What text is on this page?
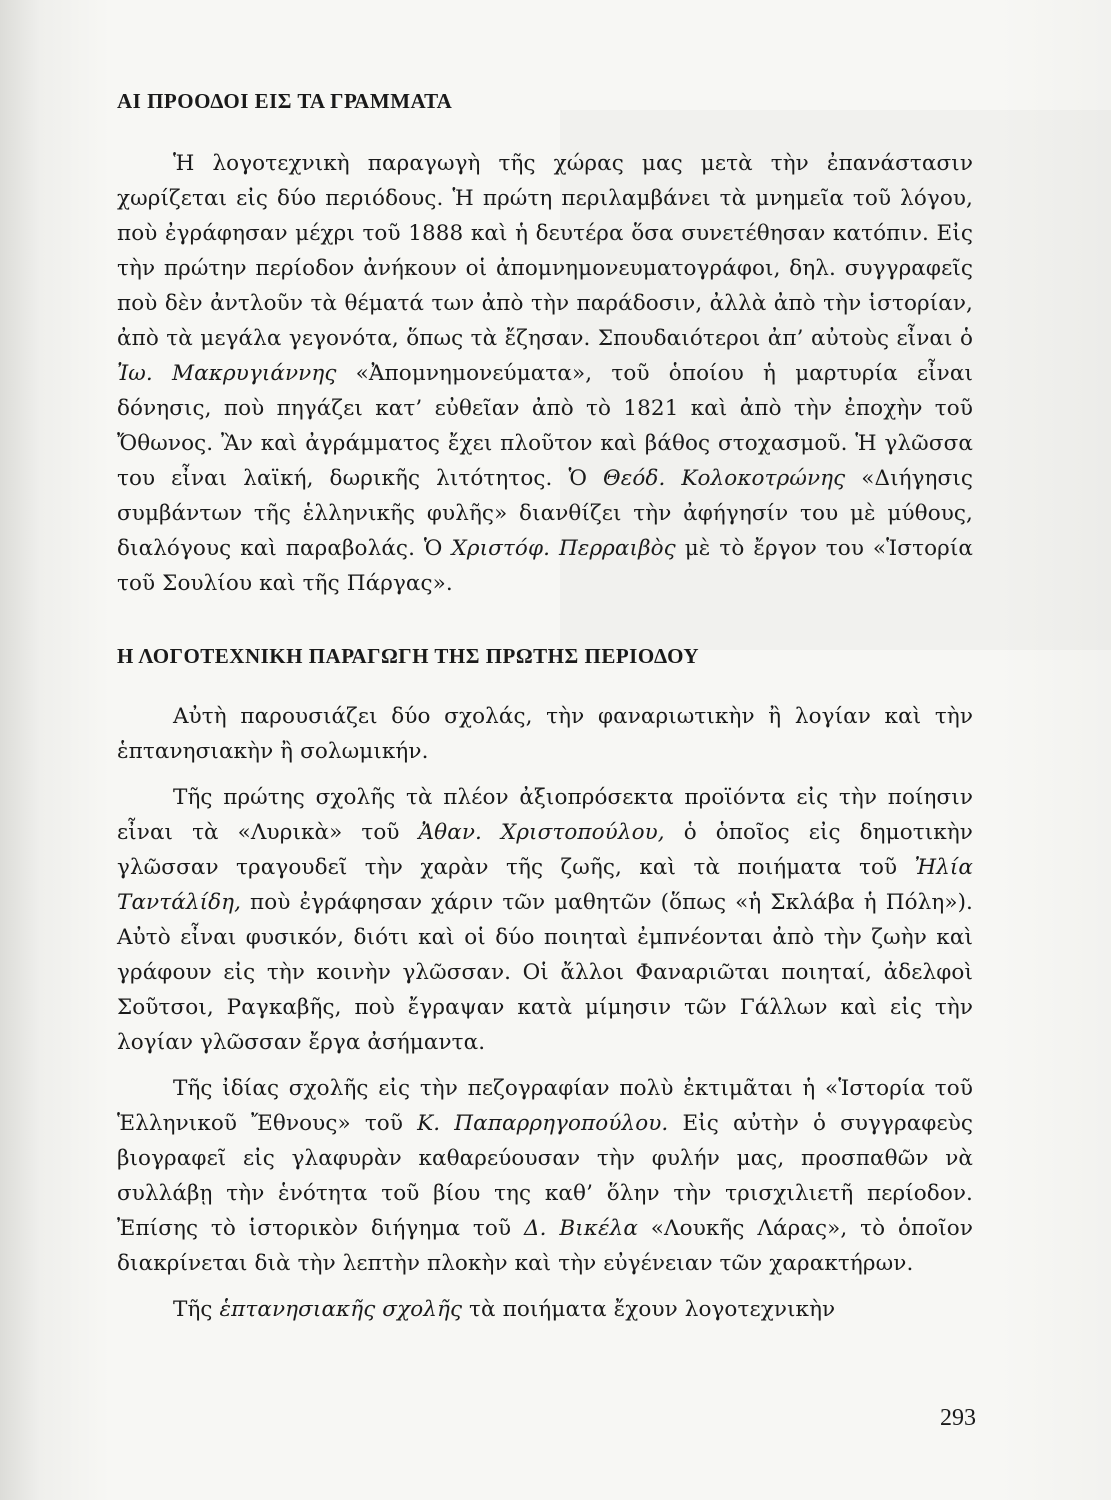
ΑΙ ΠΡΟΟΔΟΙ ΕΙΣ ΤΑ ΓΡΑΜΜΑΤΑ

Ἡ λογοτεχνικὴ παραγωγὴ τῆς χώρας μας μετὰ τὴν ἐπανάστασιν χωρίζεται εἰς δύο περιόδους. Ἡ πρώτη περιλαμβάνει τὰ μνημεῖα τοῦ λόγου, ποὺ ἐγράφησαν μέχρι τοῦ 1888 καὶ ἡ δευτέρα ὅσα συνετέθησαν κατόπιν. Εἰς τὴν πρώτην περίοδον ἀνήκουν οἱ ἀπομνημονευματογράφοι, δηλ. συγγραφεῖς ποὺ δὲν ἀντλοῦν τὰ θέματά των ἀπὸ τὴν παράδοσιν, ἀλλὰ ἀπὸ τὴν ἱστορίαν, ἀπὸ τὰ μεγάλα γεγονότα, ὅπως τὰ ἔζησαν. Σπουδαιότεροι ἀπ’ αὐτοὺς εἶναι ὁ Ἰω. Μακρυγιάννης «Ἀπομνημονεύματα», τοῦ ὁποίου ἡ μαρτυρία εἶναι δόνησις, ποὺ πηγάζει κατ’ εὐθεῖαν ἀπὸ τὸ 1821 καὶ ἀπὸ τὴν ἐποχὴν τοῦ Ὄθωνος. Ἂν καὶ ἀγράμματος ἔχει πλοῦτον καὶ βάθος στοχασμοῦ. Ἡ γλῶσσα του εἶναι λαϊκή, δωρικῆς λιτότητος. Ὁ Θεόδ. Κολοκοτρώνης «Διήγησις συμβάντων τῆς ἑλληνικῆς φυλῆς» διανθίζει τὴν ἀφήγησίν του μὲ μύθους, διαλόγους καὶ παραβολάς. Ὁ Χριστόφ. Περραιβὸς μὲ τὸ ἔργον του «Ἱστορία τοῦ Σουλίου καὶ τῆς Πάργας».

Η ΛΟΓΟΤΕΧΝΙΚΗ ΠΑΡΑΓΩΓΗ ΤΗΣ ΠΡΩΤΗΣ ΠΕΡΙΟΔΟΥ

Αὐτὴ παρουσιάζει δύο σχολάς, τὴν φαναριωτικὴν ἢ λογίαν καὶ τὴν ἑπτανησιακὴν ἢ σολωμικήν.

Τῆς πρώτης σχολῆς τὰ πλέον ἀξιοπρόσεκτα προϊόντα εἰς τὴν ποίησιν εἶναι τὰ «Λυρικὰ» τοῦ Ἀθαν. Χριστοπούλου, ὁ ὁποῖος εἰς δημοτικὴν γλῶσσαν τραγουδεῖ τὴν χαρὰν τῆς ζωῆς, καὶ τὰ ποιήματα τοῦ Ἠλία Ταντάλίδη, ποὺ ἐγράφησαν χάριν τῶν μαθητῶν (ὅπως «ἡ Σκλάβα ἡ Πόλη»). Αὐτὸ εἶναι φυσικόν, διότι καὶ οἱ δύο ποιηταὶ ἐμπνέονται ἀπὸ τὴν ζωὴν καὶ γράφουν εἰς τὴν κοινὴν γλῶσσαν. Οἱ ἄλλοι Φαναριῶται ποιηταί, ἀδελφοὶ Σοῦτσοι, Ραγκαβῆς, ποὺ ἔγραψαν κατὰ μίμησιν τῶν Γάλλων καὶ εἰς τὴν λογίαν γλῶσσαν ἔργα ἀσήμαντα.

Τῆς ἰδίας σχολῆς εἰς τὴν πεζογραφίαν πολὺ ἐκτιμᾶται ἡ «Ἱστορία τοῦ Ἑλληνικοῦ Ἔθνους» τοῦ Κ. Παπαρρηγοπούλου. Εἰς αὐτὴν ὁ συγγραφεὺς βιογραφεῖ εἰς γλαφυρὰν καθαρεύουσαν τὴν φυλήν μας, προσπαθῶν νὰ συλλάβῃ τὴν ἑνότητα τοῦ βίου της καθ’ ὅλην τὴν τρισχιλιετῆ περίοδον. Ἐπίσης τὸ ἱστορικὸν διήγημα τοῦ Δ. Βικέλα «Λουκῆς Λάρας», τὸ ὁποῖον διακρίνεται διὰ τὴν λεπτὴν πλοκὴν καὶ τὴν εὐγένειαν τῶν χαρακτήρων.

Τῆς ἑπτανησιακῆς σχολῆς τὰ ποιήματα ἔχουν λογοτεχνικὴν

293
